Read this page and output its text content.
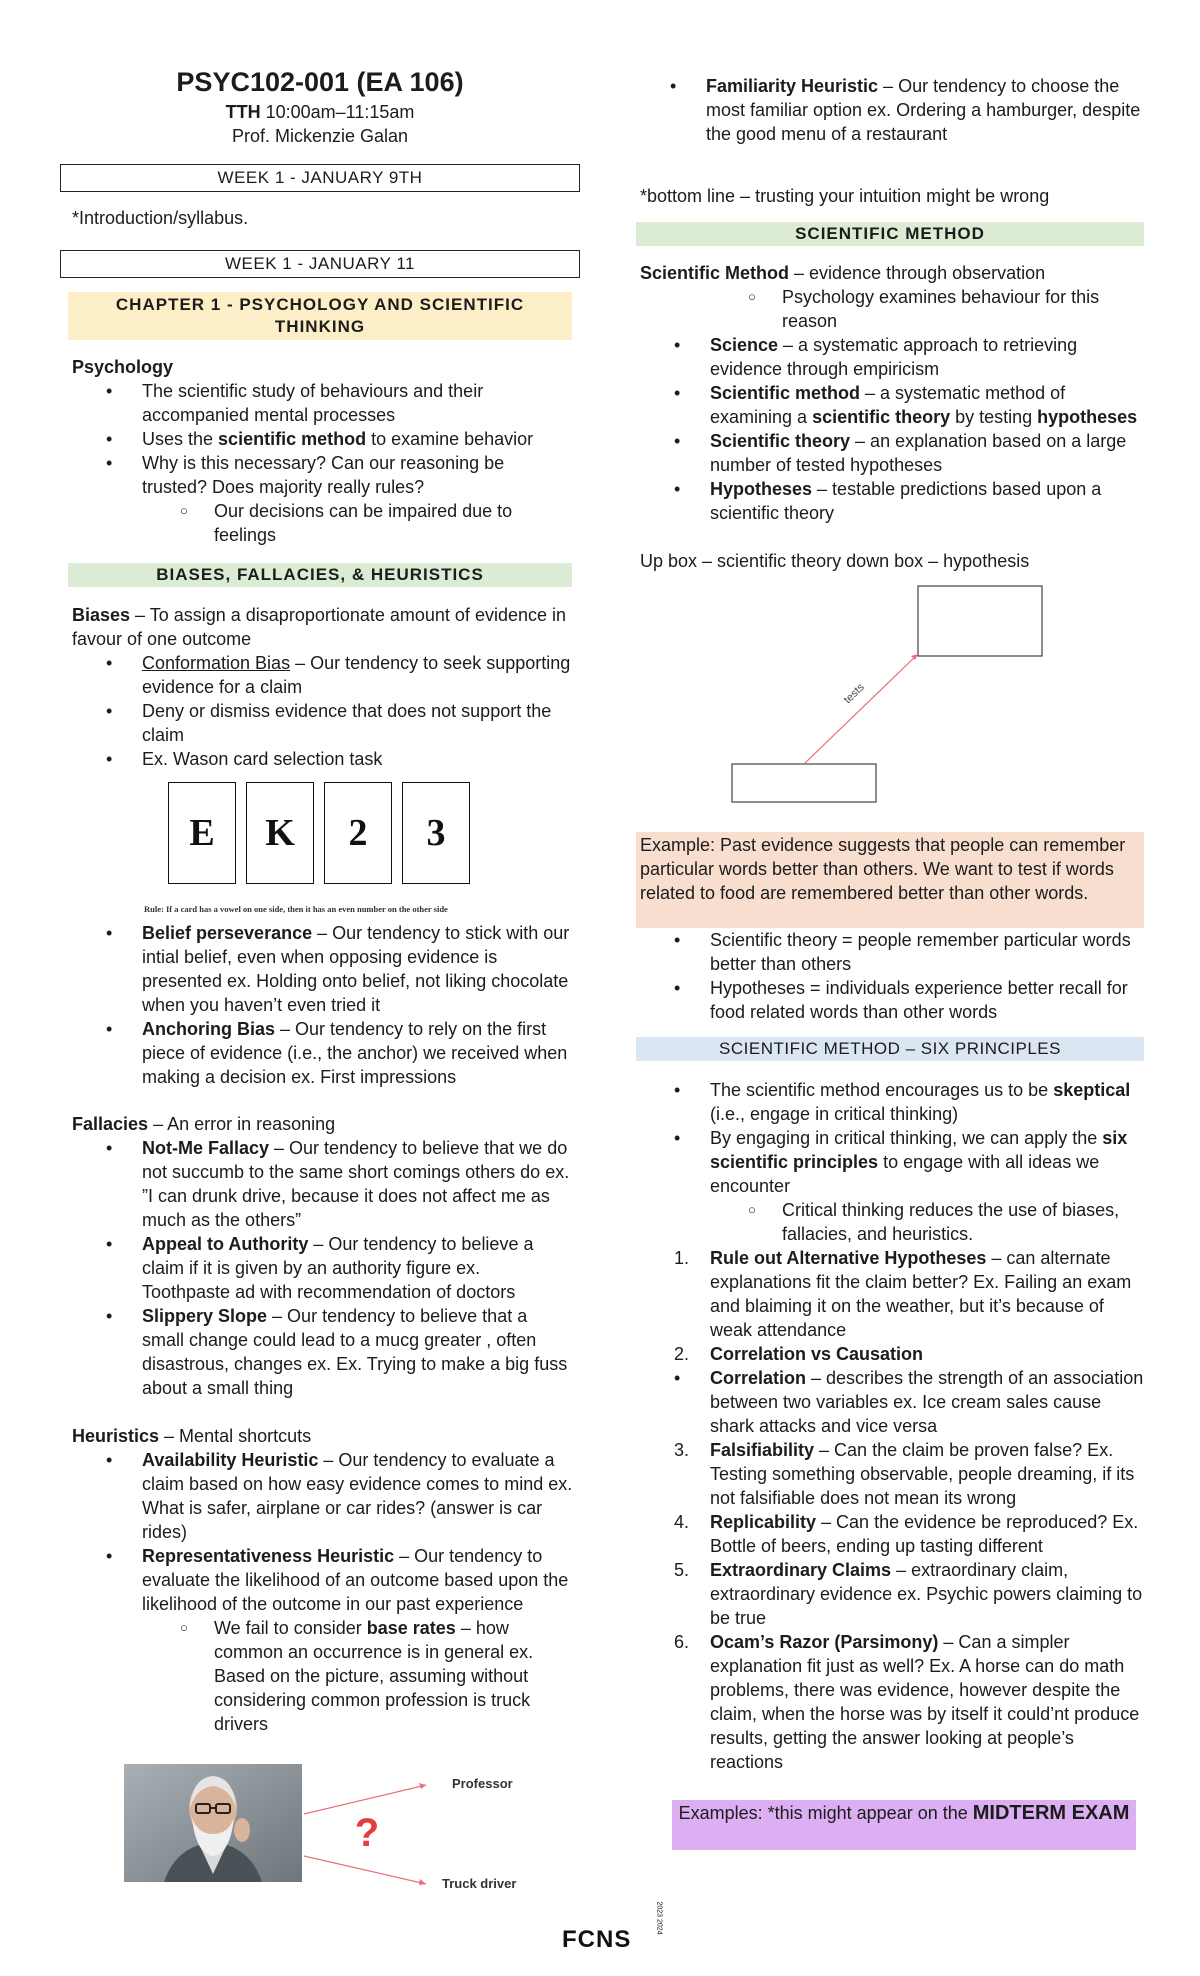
PSYC102-001 (EA 106)
TTH 10:00am–11:15am
Prof. Mickenzie Galan
WEEK 1 - JANUARY 9TH
*Introduction/syllabus.
WEEK 1 - JANUARY 11
CHAPTER 1 - PSYCHOLOGY AND SCIENTIFIC THINKING
Psychology
• The scientific study of behaviours and their accompanied mental processes
• Uses the scientific method to examine behavior
• Why is this necessary? Can our reasoning be trusted? Does majority really rules?
○ Our decisions can be impaired due to feelings
BIASES, FALLACIES, & HEURISTICS
Biases – To assign a disaproportionate amount of evidence in favour of one outcome
• Conformation Bias – Our tendency to seek supporting evidence for a claim
• Deny or dismiss evidence that does not support the claim
• Ex. Wason card selection task
E	K	2	3
Rule: If a card has a vowel on one side, then it has an even number on the other side
• Belief perseverance – Our tendency to stick with our intial belief, even when opposing evidence is presented ex. Holding onto belief, not liking chocolate when you haven’t even tried it
• Anchoring Bias – Our tendency to rely on the first piece of evidence (i.e., the anchor) we received when making a decision ex. First impressions
Fallacies – An error in reasoning
• Not-Me Fallacy – Our tendency to believe that we do not succumb to the same short comings others do ex. ”I can drunk drive, because it does not affect me as much as the others”
• Appeal to Authority – Our tendency to believe a claim if it is given by an authority figure ex. Toothpaste ad with recommendation of doctors
• Slippery Slope – Our tendency to believe that a small change could lead to a mucg greater , often disastrous, changes ex. Ex. Trying to make a big fuss about a small thing
Heuristics – Mental shortcuts
• Availability Heuristic – Our tendency to evaluate a claim based on how easy evidence comes to mind ex. What is safer, airplane or car rides? (answer is car rides)
• Representativeness Heuristic – Our tendency to evaluate the likelihood of an outcome based upon the likelihood of the outcome in our past experience
○ We fail to consider base rates – how common an occurrence is in general ex. Based on the picture, assuming without considering common profession is truck drivers
?
Professor
Truck driver
• Familiarity Heuristic – Our tendency to choose the most familiar option ex. Ordering a hamburger, despite the good menu of a restaurant
*bottom line – trusting your intuition might be wrong
SCIENTIFIC METHOD
Scientific Method – evidence through observation
○ Psychology examines behaviour for this reason
• Science – a systematic approach to retrieving evidence through empiricism
• Scientific method – a systematic method of examining a scientific theory by testing hypotheses
• Scientific theory – an explanation based on a large number of tested hypotheses
• Hypotheses – testable predictions based upon a scientific theory
Up box – scientific theory down box – hypothesis
tests
Example: Past evidence suggests that people can remember particular words better than others. We want to test if words related to food are remembered better than other words.
• Scientific theory = people remember particular words better than others
• Hypotheses = individuals experience better recall for food related words than other words
SCIENTIFIC METHOD – SIX PRINCIPLES
• The scientific method encourages us to be skeptical (i.e., engage in critical thinking)
• By engaging in critical thinking, we can apply the six scientific principles to engage with all ideas we encounter
○ Critical thinking reduces the use of biases, fallacies, and heuristics.
1. Rule out Alternative Hypotheses – can alternate explanations fit the claim better? Ex. Failing an exam and blaiming it on the weather, but it’s because of weak attendance
2. Correlation vs Causation
• Correlation – describes the strength of an association between two variables ex. Ice cream sales cause shark attacks and vice versa
3. Falsifiability – Can the claim be proven false? Ex. Testing something observable, people dreaming, if its not falsifiable does not mean its wrong
4. Replicability – Can the evidence be reproduced? Ex. Bottle of beers, ending up tasting different
5. Extraordinary Claims – extraordinary claim, extraordinary evidence ex. Psychic powers claiming to be true
6. Ocam’s Razor (Parsimony) – Can a simpler explanation fit just as well? Ex. A horse can do math problems, there was evidence, however despite the claim, when the horse was by itself it could’nt produce results, getting the answer looking at people’s reactions
Examples: *this might appear on the MIDTERM EXAM
FCNS
2023 2024
